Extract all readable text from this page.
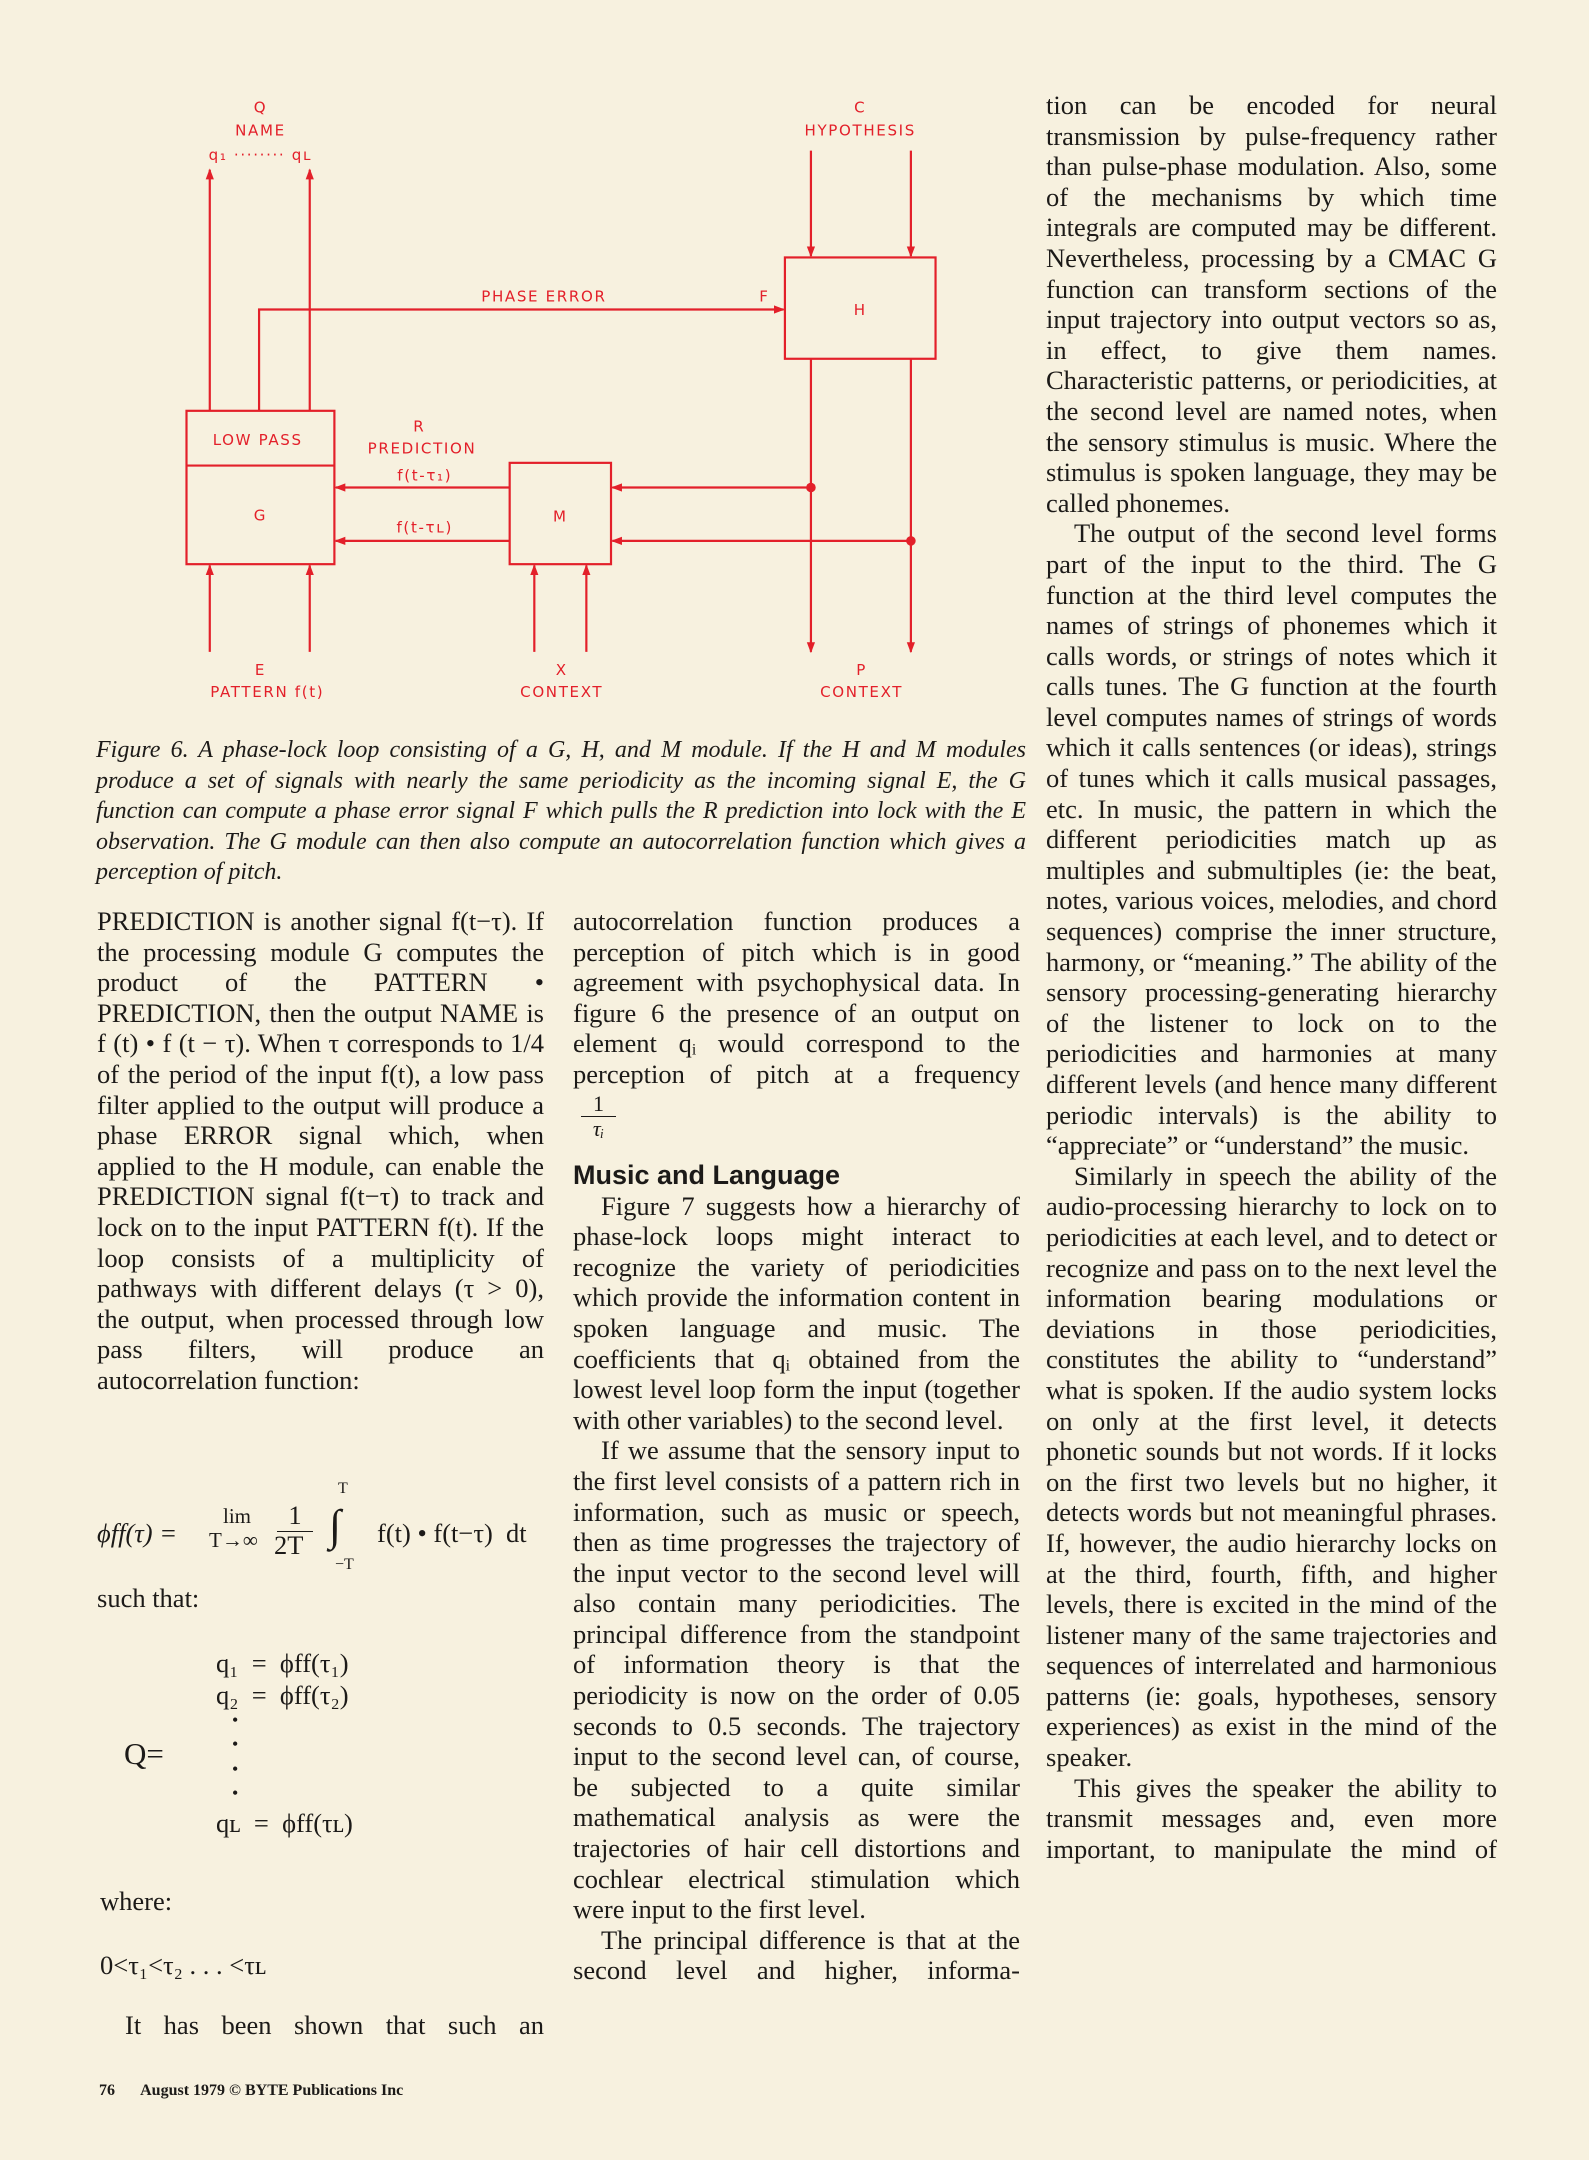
Q
NAME
q₁ ········ qʟ
C
HYPOTHESIS
PHASE ERROR	F
H
LOW PASS
G	M
R
PREDICTION
f(t-τ₁)
f(t-τʟ)
E
PATTERN f(t)
X
CONTEXT
P
CONTEXT
Figure 6. A phase-lock loop consisting of a G, H, and M module. If the H and M modules produce a set of signals with nearly the same periodicity as the incoming signal E, the G function can compute a phase error signal F which pulls the R prediction into lock with the E observation. The G module can then also compute an autocorrelation function which gives a perception of pitch.

PREDICTION is another signal f(t−τ). If the processing module G computes the product of the PATTERN • PREDICTION, then the output NAME is f (t) • f (t − τ). When τ corresponds to 1/4 of the period of the input f(t), a low pass filter applied to the output will produce a phase ERROR signal which, when applied to the H module, can enable the PREDICTION signal f(t−τ) to track and lock on to the input PATTERN f(t). If the loop consists of a multiplicity of pathways with different delays (τ > 0), the output, when processed through low pass filters, will produce an autocorrelation function:

ϕff(τ) =
lim
T→∞
1
2T
T
∫
−T
f(t) • f(t−τ)  dt
such that:
q₁  =  ϕff(τ₁)
q₂  =  ϕff(τ₂)
•
•
Q=	•
•
qʟ  =  ϕff(τʟ)
where:
0<τ₁<τ₂ . . . <τʟ
It has been shown that such an

autocorrelation function produces a perception of pitch which is in good agreement with psychophysical data. In figure 6 the presence of an output on element qᵢ would correspond to the perception of pitch at a frequency

$\frac{1}{\text{τᵢ}}$
Music and Language

Figure 7 suggests how a hierarchy of phase-lock loops might interact to recognize the variety of periodicities which provide the information content in spoken language and music. The coefficients that qᵢ obtained from the lowest level loop form the input (together with other variables) to the second level.

If we assume that the sensory input to the first level consists of a pattern rich in information, such as music or speech, then as time progresses the trajectory of the input vector to the second level will also contain many periodicities. The principal difference from the standpoint of information theory is that the periodicity is now on the order of 0.05 seconds to 0.5 seconds. The trajectory input to the second level can, of course, be subjected to a quite similar mathematical analysis as were the trajectories of hair cell distortions and cochlear electrical stimulation which were input to the first level.

The principal difference is that at the second level and higher, informa-

tion can be encoded for neural transmission by pulse-frequency rather than pulse-phase modulation. Also, some of the mechanisms by which time integrals are computed may be different. Nevertheless, processing by a CMAC G function can transform sections of the input trajectory into output vectors so as, in effect, to give them names. Characteristic patterns, or periodicities, at the second level are named notes, when the sensory stimulus is music. Where the stimulus is spoken language, they may be called phonemes.

The output of the second level forms part of the input to the third. The G function at the third level computes the names of strings of phonemes which it calls words, or strings of notes which it calls tunes. The G function at the fourth level computes names of strings of words which it calls sentences (or ideas), strings of tunes which it calls musical passages, etc. In music, the pattern in which the different periodicities match up as multiples and submultiples (ie: the beat, notes, various voices, melodies, and chord sequences) comprise the inner structure, harmony, or “meaning.” The ability of the sensory processing-generating hierarchy of the listener to lock on to the periodicities and harmonies at many different levels (and hence many different periodic intervals) is the ability to “appreciate” or “understand” the music.

Similarly in speech the ability of the audio-processing hierarchy to lock on to periodicities at each level, and to detect or recognize and pass on to the next level the information bearing modulations or deviations in those periodicities, constitutes the ability to “understand” what is spoken. If the audio system locks on only at the first level, it detects phonetic sounds but not words. If it locks on the first two levels but no higher, it detects words but not meaningful phrases. If, however, the audio hierarchy locks on at the third, fourth, fifth, and higher levels, there is excited in the mind of the listener many of the same trajectories and sequences of interrelated and harmonious patterns (ie: goals, hypotheses, sensory experiences) as exist in the mind of the speaker.

This gives the speaker the ability to transmit messages and, even more important, to manipulate the mind of

76 August 1979 © BYTE Publications Inc
